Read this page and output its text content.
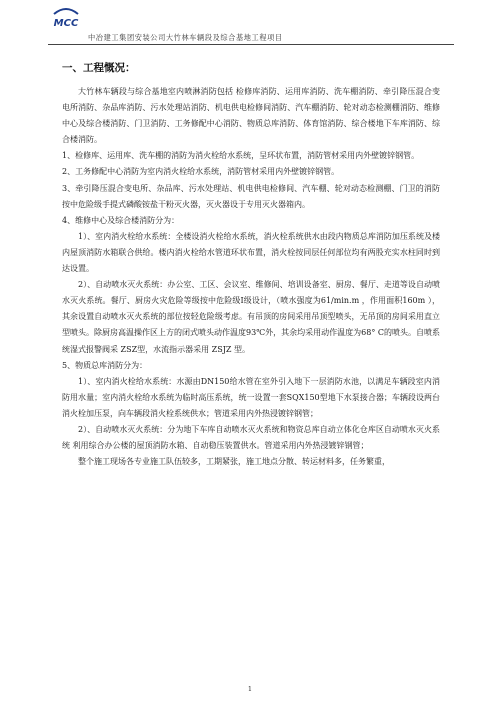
MCC
中冶建工集团安装公司大竹林车辆段及综合基地工程项目
一、工程慨况：

大竹林车辆段与综合基地室内喷淋消防包括 检修库消防、运用库消防、洗车棚消防、牵引降压混合变电所消防、杂品库消防、污水处理站消防、机电供电检修间消防、汽车棚消防、轮对动态检测棚消防、维修中心及综合楼消防、门卫消防、工务修配中心消防、物质总库消防、体育馆消防、综合楼地下车库消防、综合楼消防。

1、检修库、运用库、洗车棚的消防为消火栓给水系统，呈环状布置，消防管材采用内外壁镀锌钢管。

2、工务修配中心消防为室内消火栓给水系统，消防管材采用内外壁镀锌钢管。

3、牵引降压混合变电所、杂品库、污水处理站、机电供电检修间、汽车棚、轮对动态检测棚、门卫的消防按中危险级手提式磷酸铵盐干粉灭火器，灭火器设于专用灭火器箱内。

4、维修中心及综合楼消防分为：

1）、室内消火栓给水系统：全楼设消火栓给水系统，消火栓系统供水由段内物质总库消防加压系统及楼内屋顶消防水箱联合供给。楼内消火栓给水管道环状布置，消火栓按同层任何部位均有两股充实水柱同时到达设置。

2）、自动喷水灭火系统：办公室、工区、会议室、维修间、培训设备室、厨房、餐厅、走道等设自动喷水灭火系统。餐厅、厨房火灾危险等级按中危险级Ⅰ级设计，（喷水强度为61/min.m ，作用面积160m ），其余设置自动喷水灭火系统的部位按轻危险级考虑。有吊顶的房间采用吊顶型喷头，无吊顶的房间采用直立型喷头。除厨房高温操作区上方的闭式喷头动作温度93℃外，其余均采用动作温度为68° C的喷头。自喷系统湿式报警阀采 ZSZ型，水流指示器采用 ZSJZ 型。

5、物质总库消防分为：

1）、室内消火栓给水系统：水源由DN150给水管在室外引入地下一层消防水池，以满足车辆段室内消防用水量；室内消火栓给水系统为临时高压系统，统一设置一套SQX150型地下水泵接合器；车辆段设两台消火栓加压泵，向车辆段消火栓系统供水；管道采用内外热浸镀锌钢管；

2）、自动喷水灭火系统：分为地下车库自动喷水灭火系统和物资总库自动立体化仓库区自动喷水灭火系统 利用综合办公楼的屋顶消防水箱、自动稳压装置供水。管道采用内外热浸镀锌钢管；

整个施工现场各专业施工队伍较多，工期紧张，施工地点分散、转运材料多，任务繁重，

1
